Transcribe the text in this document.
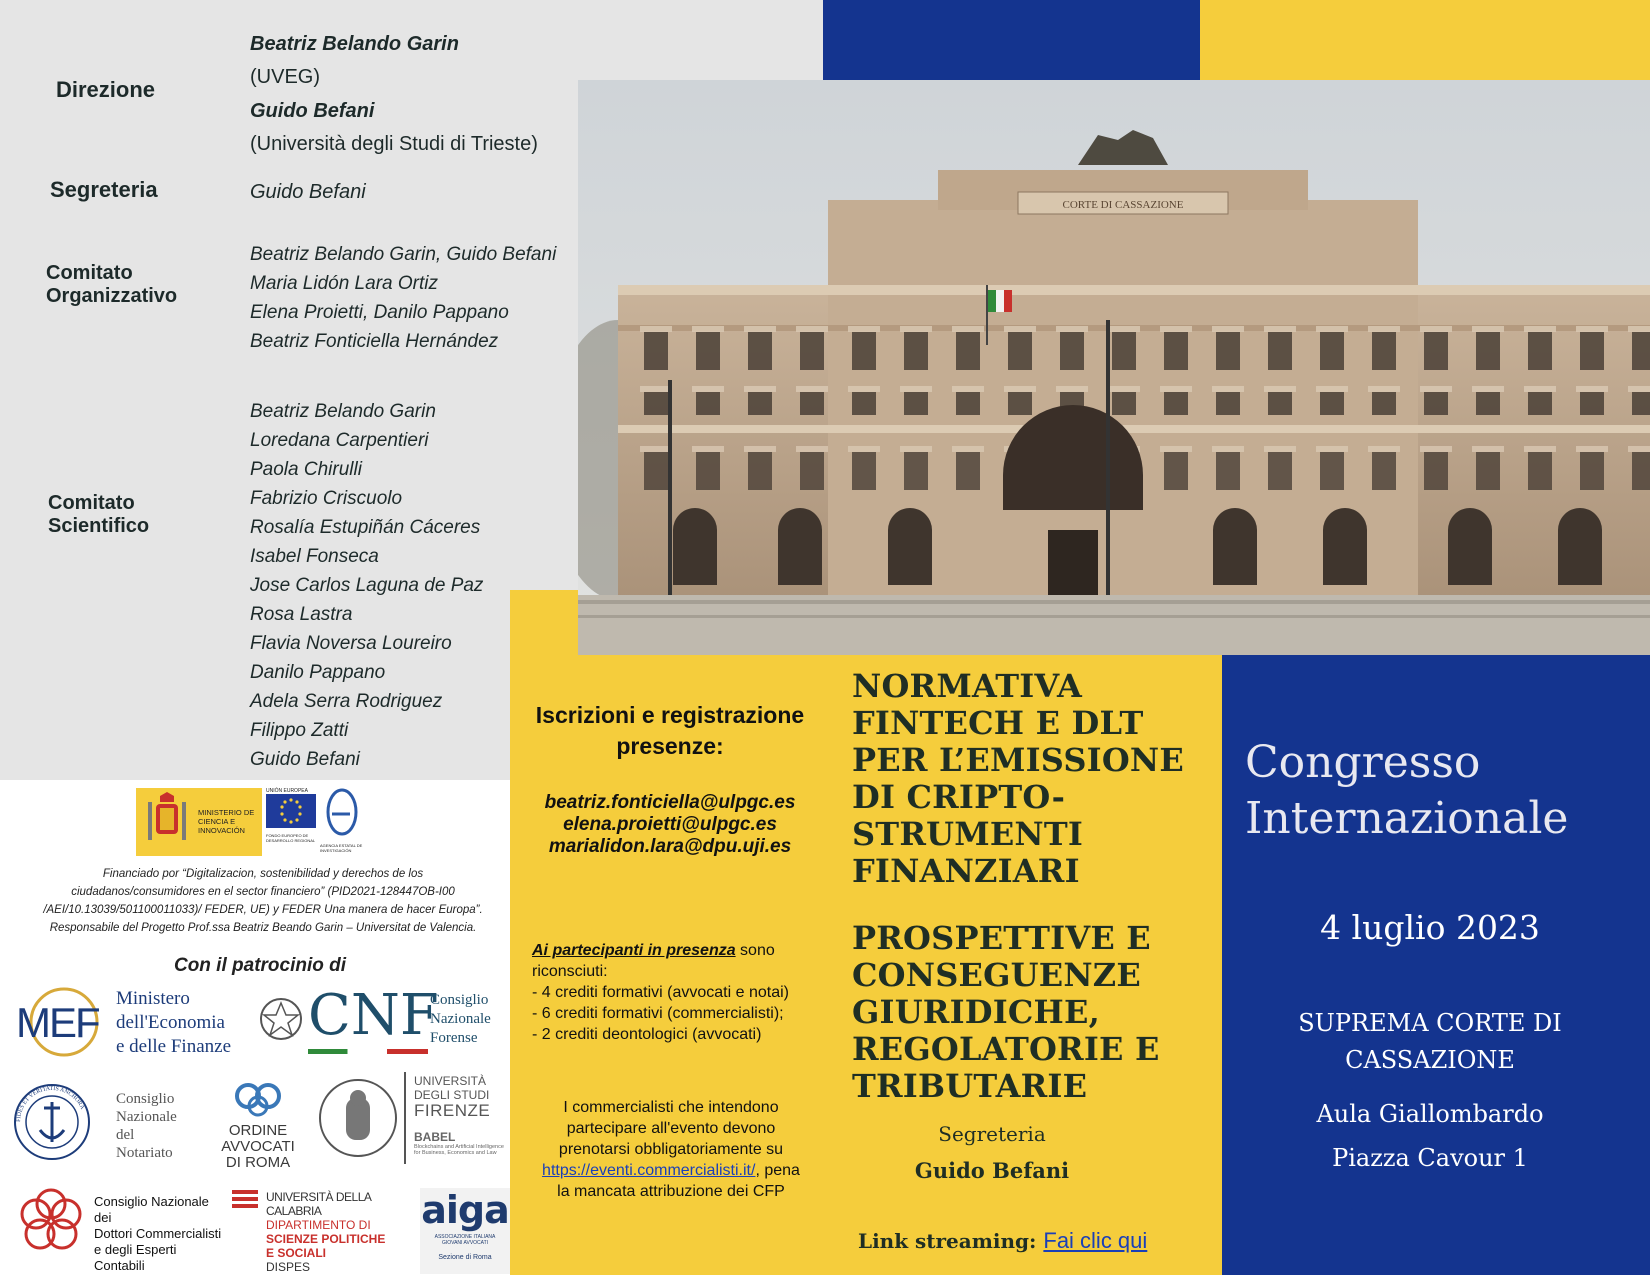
Direzione
Beatriz Belando Garin
(UVEG)
Guido Befani
(Università degli Studi di Trieste)
Segreteria	Guido Befani
Comitato
Organizzativo
Beatriz Belando Garin, Guido Befani
Maria Lidón Lara Ortiz
Elena Proietti, Danilo Pappano
Beatriz Fonticiella Hernández
Comitato
Scientifico
Beatriz Belando Garin
Loredana Carpentieri
Paola Chirulli
Fabrizio Criscuolo
Rosalía Estupiñán Cáceres
Isabel Fonseca
Jose Carlos Laguna de Paz
Rosa Lastra
Flavia Noversa Loureiro
Danilo Pappano
Adela Serra Rodriguez
Filippo Zatti
Guido Befani
CORTE DI CASSAZIONE
Iscrizioni e registrazione
presenze:
beatriz.fonticiella@ulpgc.es
elena.proietti@ulpgc.es
marialidon.lara@dpu.uji.es
Ai partecipanti in presenza sono
riconsciuti:
- 4 crediti formativi (avvocati e notai)
- 6 crediti formativi (commercialisti);
- 2 crediti deontologici (avvocati)
I commercialisti che intendono
partecipare all'evento devono
prenotarsi obbligatoriamente su
https://eventi.commercialisti.it/, pena
la mancata attribuzione dei CFP
NORMATIVA
FINTECH E DLT
PER L’EMISSIONE
DI CRIPTO-
STRUMENTI
FINANZIARI
PROSPETTIVE E
CONSEGUENZE
GIURIDICHE,
REGOLATORIE E
TRIBUTARIE
Segreteria
Guido Befani
Link streaming: Fai clic qui
Congresso
Internazionale
4 luglio 2023
SUPREMA CORTE DI
CASSAZIONE
Aula Giallombardo
Piazza Cavour 1
MINISTERIO DE CIENCIA E INNOVACIÓN
UNIÓN EUROPEA
FONDO EUROPEO DE DESARROLLO REGIONAL
AGENCIA ESTATAL DE INVESTIGACIÓN
Financiado por “Digitalizacion, sostenibilidad y derechos de los
ciudadanos/consumidores en el sector financiero” (PID2021-128447OB-I00
/AEI/10.13039/501100011033)/ FEDER, UE) y FEDER Una manera de hacer Europa”.
Responsabile del Progetto Prof.ssa Beatriz Beando Garin – Universitat de Valencia.
Con il patrocinio di
MEF
Ministero
dell'Economia
e delle Finanze CNF
Consiglio
Nazionale
Forense
FIDES ET VERITATIS ANCHORA
Consiglio
Nazionale
del
Notariato
ORDINE
AVVOCATI
DI ROMA
UNIVERSITÀ
DEGLI STUDI
FIRENZE
BABEL
Blockchains and Artificial Intelligence for Business, Economics and Law
Consiglio Nazionale dei
Dottori Commercialisti
e degli Esperti Contabili
UNIVERSITÀ DELLA CALABRIA
DIPARTIMENTO DI
SCIENZE POLITICHE
E SOCIALI
DISPES
aiga
ASSOCIAZIONE ITALIANA GIOVANI AVVOCATI
Sezione di Roma
